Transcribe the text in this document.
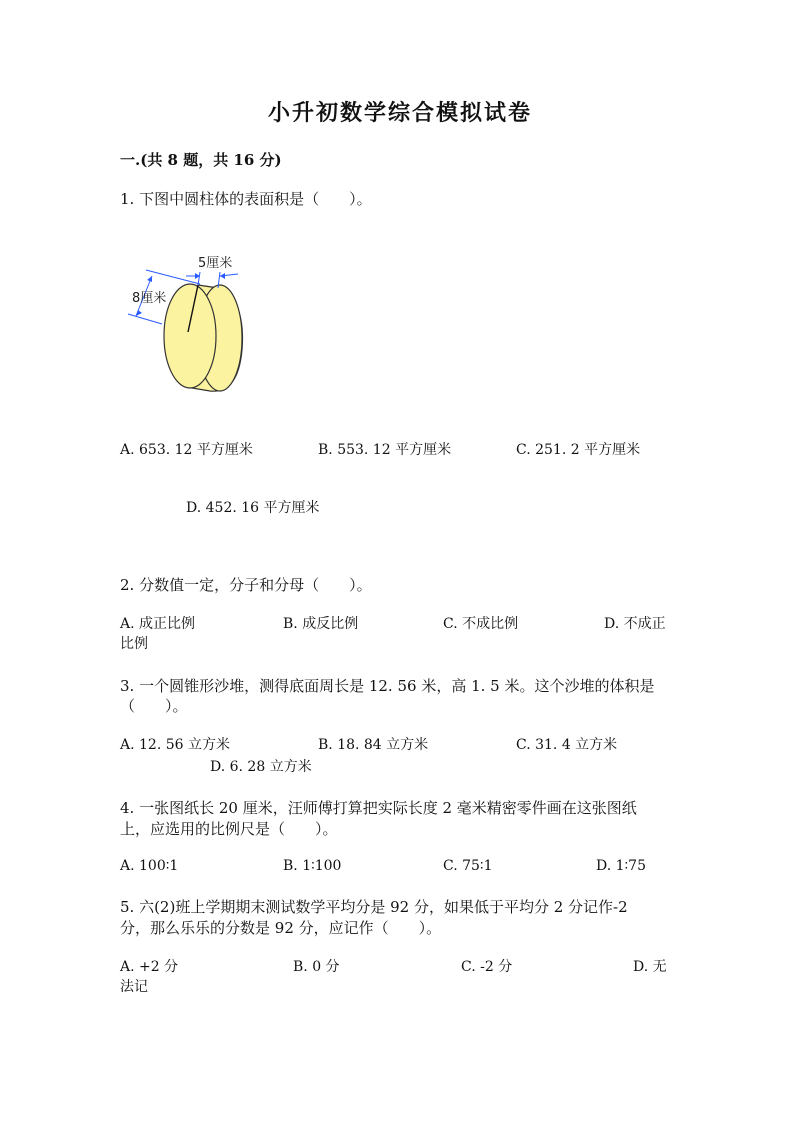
小升初数学综合模拟试卷
一.(共 8 题，共 16 分)
1. 下图中圆柱体的表面积是（　　）。
5厘米
8厘米
A. 653. 12 平方厘米	B. 553. 12 平方厘米	C. 251. 2 平方厘米
D. 452. 16 平方厘米
2. 分数值一定，分子和分母（　　）。
A. 成正比例	B. 成反比例	C. 不成比例	D. 不成正
比例
3. 一个圆锥形沙堆，测得底面周长是 12. 56 米，高 1. 5 米。这个沙堆的体积是
（　　）。
A. 12. 56 立方米	B. 18. 84 立方米	C. 31. 4 立方米
D. 6. 28 立方米
4. 一张图纸长 20 厘米，汪师傅打算把实际长度 2 毫米精密零件画在这张图纸
上，应选用的比例尺是（　　）。
A. 100∶1	B. 1∶100	C. 75∶1	D. 1∶75
5. 六(2)班上学期期末测试数学平均分是 92 分，如果低于平均分 2 分记作-2
分，那么乐乐的分数是 92 分，应记作（　　）。
A. +2 分	B. 0 分	C. -2 分	D. 无
法记
